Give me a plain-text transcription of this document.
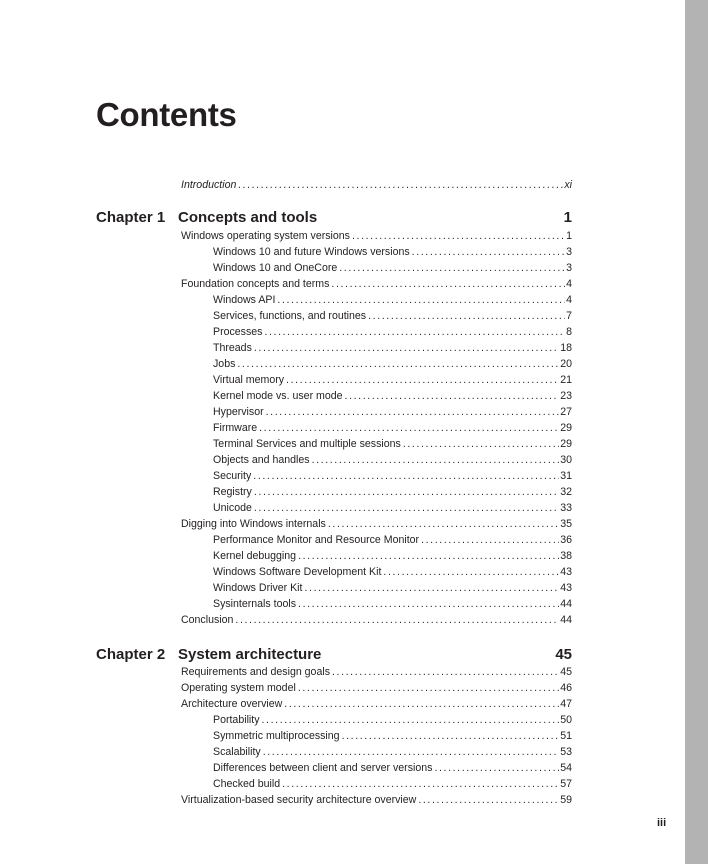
Contents
Introduction .....	xi
Chapter 1 Concepts and tools	1
Windows operating system versions .....	1
Windows 10 and future Windows versions .....	3
Windows 10 and OneCore .....	3
Foundation concepts and terms .....	4
Windows API .....	4
Services, functions, and routines .....	7
Processes .....	8
Threads .....	18
Jobs .....	20
Virtual memory .....	21
Kernel mode vs. user mode .....	23
Hypervisor .....	27
Firmware .....	29
Terminal Services and multiple sessions .....	29
Objects and handles .....	30
Security .....	31
Registry .....	32
Unicode .....	33
Digging into Windows internals .....	35
Performance Monitor and Resource Monitor .....	36
Kernel debugging .....	38
Windows Software Development Kit .....	43
Windows Driver Kit .....	43
Sysinternals tools .....	44
Conclusion .....	44
Chapter 2 System architecture	45
Requirements and design goals .....	45
Operating system model .....	46
Architecture overview .....	47
Portability .....	50
Symmetric multiprocessing .....	51
Scalability .....	53
Differences between client and server versions .....	54
Checked build .....	57
Virtualization-based security architecture overview .....	59
iii
